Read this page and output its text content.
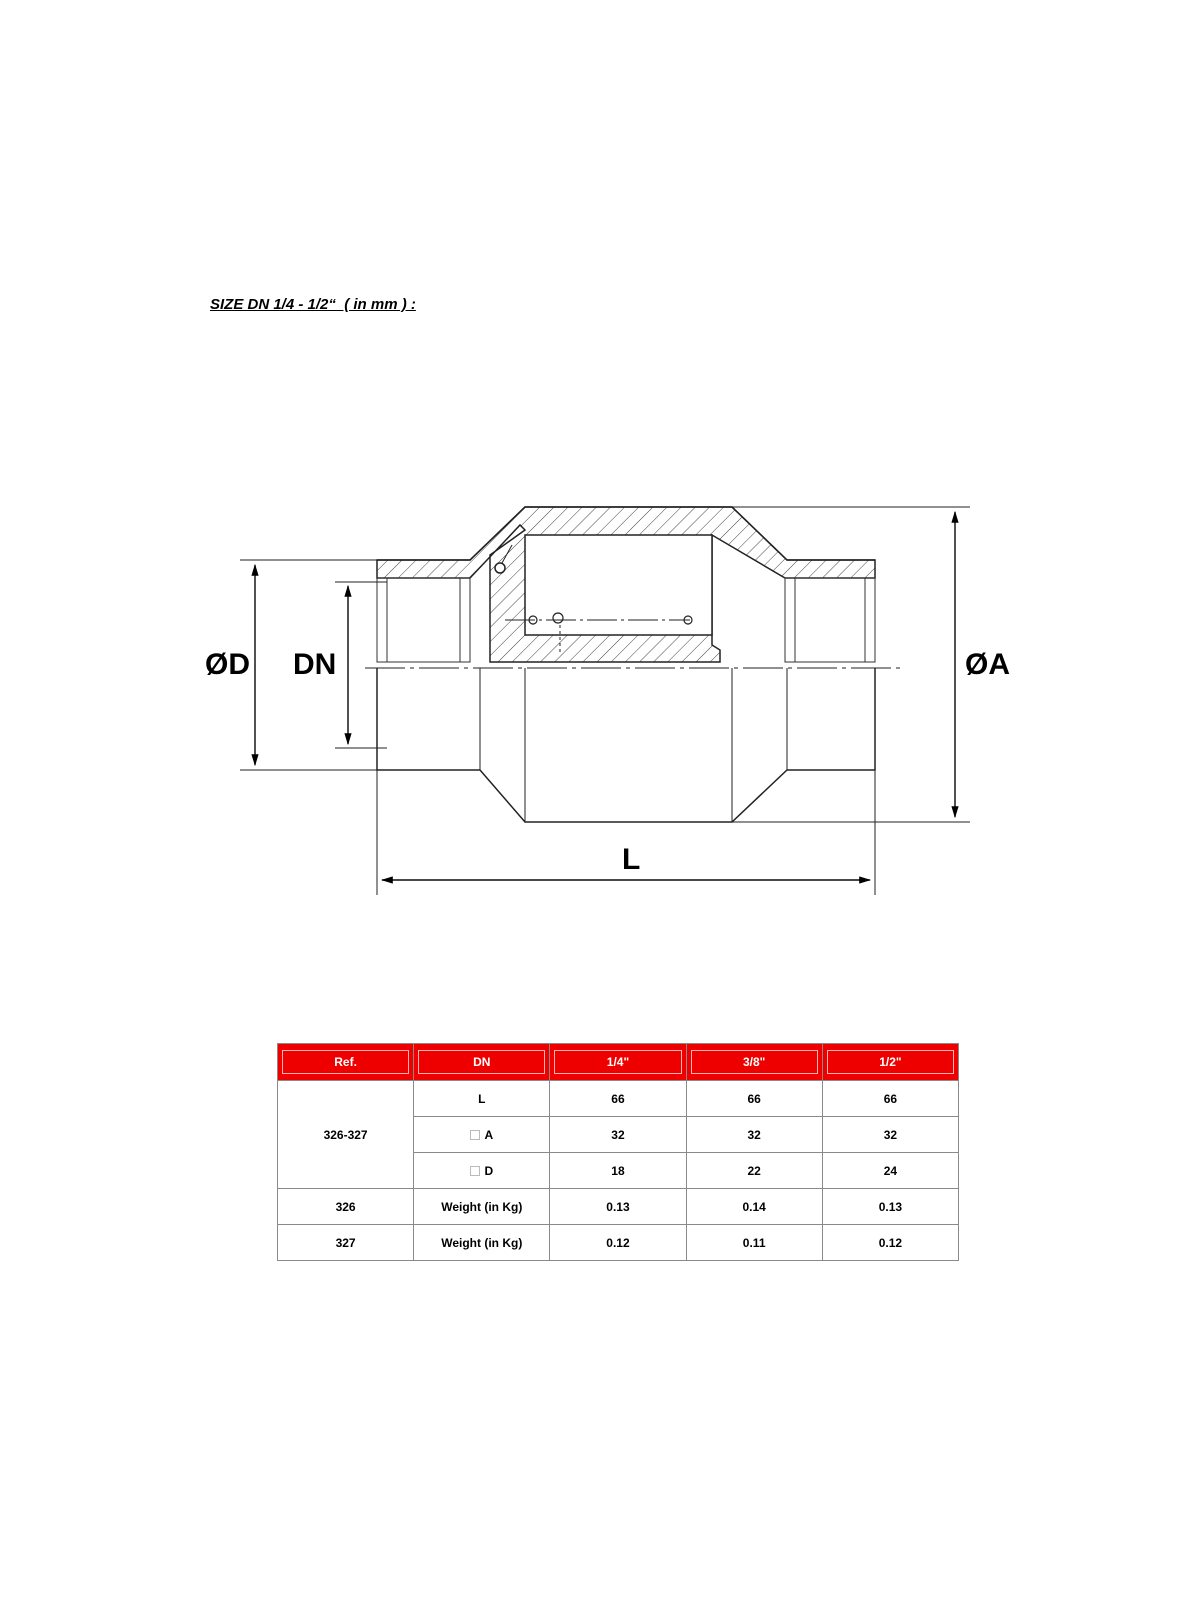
SIZE DN 1/4 - 1/2“  ( in mm ) :
ØD DN	ØA
L
Ref.	DN	1/4"	3/8"	1/2"

326-327	L	66	66	66
	A	32	32	32
	D	18	22	24
326	Weight (in Kg)	0.13	0.14	0.13
327	Weight (in Kg)	0.12	0.11	0.12
